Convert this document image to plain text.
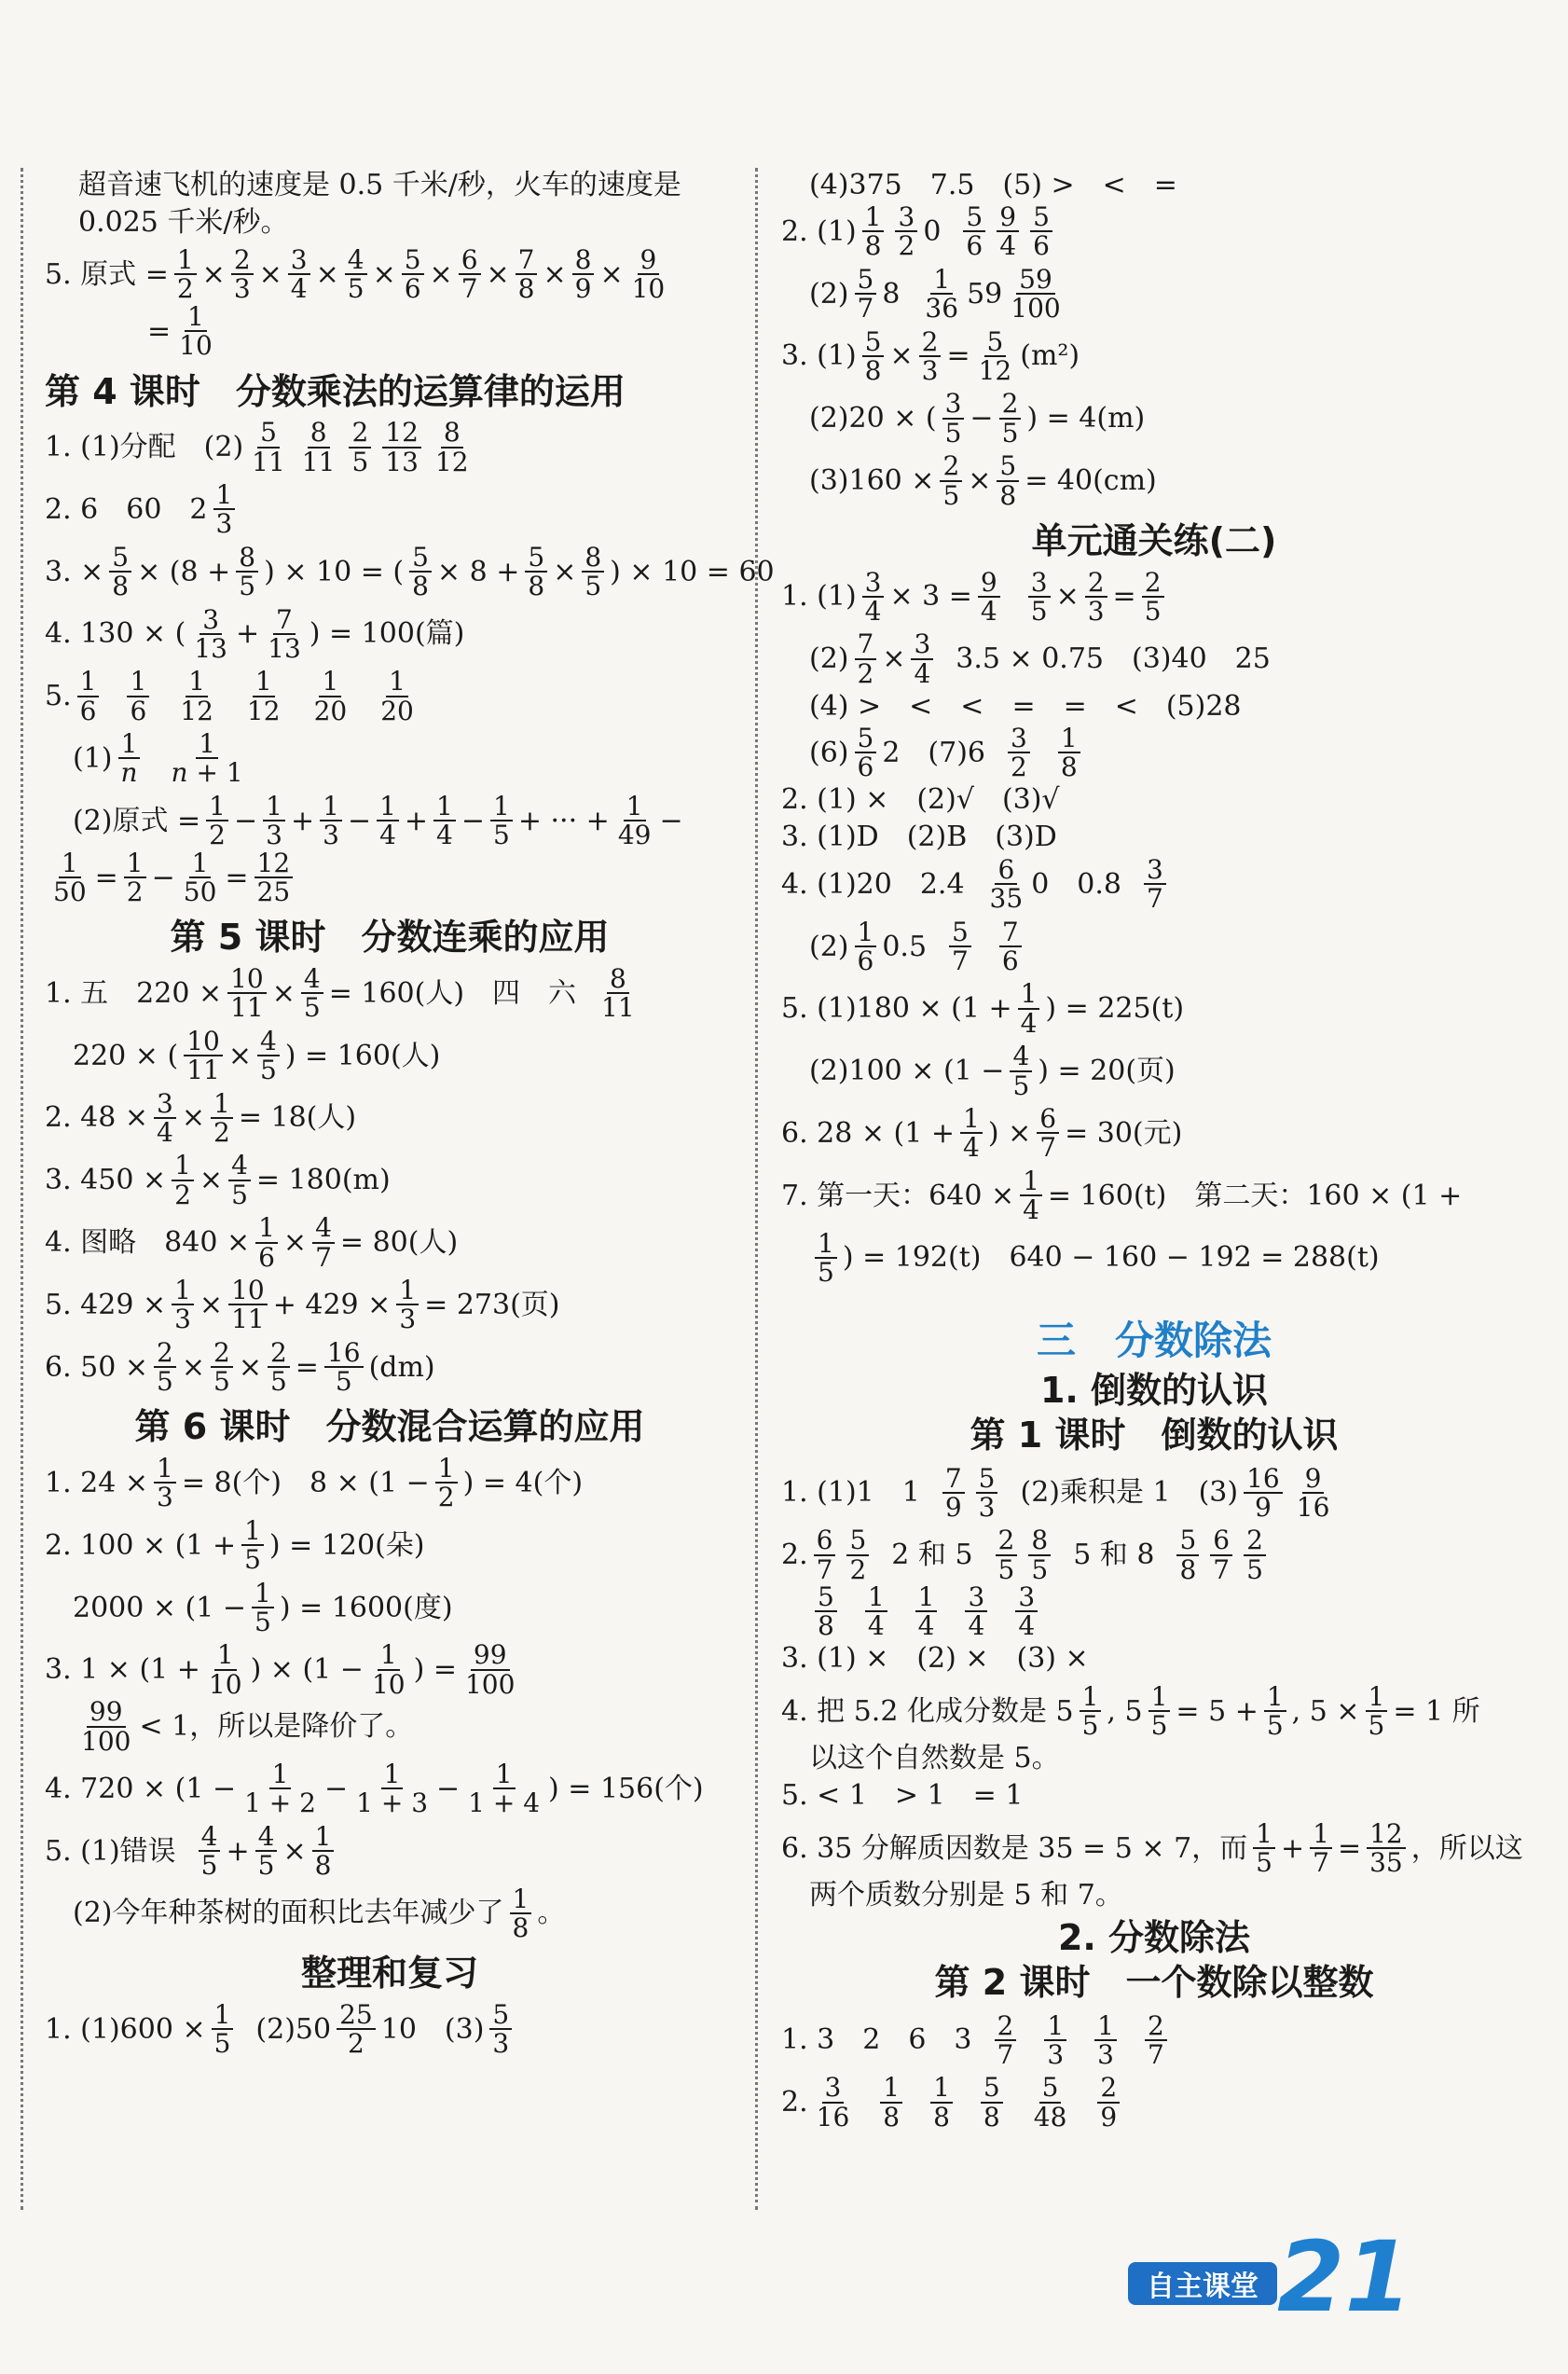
超音速飞机的速度是 0.5 千米/秒，火车的速度是
0.025 千米/秒。
5. 原式 = $\frac{1}{2} \times \frac{2}{3} \times \frac{3}{4} \times \frac{4}{5} \times \frac{5}{6} \times \frac{6}{7} \times \frac{7}{8} \times \frac{8}{9} \times \frac{9}{10}$
= $\frac{1}{10}$
第 4 课时　分数乘法的运算律的运用
1. (1)分配　$(2) \frac{5}{11} \frac{8}{11} \frac{2}{5} \frac{12}{13} \frac{8}{12}$
2. 6　60　$2 \frac{1}{3}$
3. × $\frac{5}{8} \times (8 + \frac{8}{5}$ ) × 10 = ( $\frac{5}{8} \times 8 + \frac{5}{8} \times \frac{8}{5}$ ) × 10 = 60
4. 130 × ( $\frac{3}{13} + \frac{7}{13}$ ) = 100(篇)
5. $\frac{1}{6} \frac{1}{6} \frac{1}{12} \frac{1}{12} \frac{1}{20} \frac{1}{20}$
$(1) \frac{1}{n} \frac{1}{n + 1}$
(2)原式 = $\frac{1}{2} - \frac{1}{3} + \frac{1}{3} - \frac{1}{4} + \frac{1}{4} - \frac{1}{5}$ + ··· + $\frac{1}{49}$ −
$\frac{1}{50} = \frac{1}{2} - \frac{1}{50} = \frac{12}{25}$
第 5 课时　分数连乘的应用
1. 五　$220 \times \frac{10}{11} \times \frac{4}{5} = 160$(人)　四　六 $\frac{8}{11}$
220 × ( $\frac{10}{11} \times \frac{4}{5}$ ) = 160(人)
2. $48 \times \frac{3}{4} \times \frac{1}{2} = 18$(人)
3. $450 \times \frac{1}{2} \times \frac{4}{5} = 180(m)$
4. 图略　$840 \times \frac{1}{6} \times \frac{4}{7} = 80$(人)
5. $429 \times \frac{1}{3} \times \frac{10}{11} + 429 \times \frac{1}{3} = 273$(页)
6. $50 \times \frac{2}{5} \times \frac{2}{5} \times \frac{2}{5} = \frac{16}{5} (dm)$
第 6 课时　分数混合运算的应用
1. $24 \times \frac{1}{3} = 8$(个)　$8 \times (1 - \frac{1}{2}$ ) = 4(个)
2. $100 \times (1 + \frac{1}{5}$ ) = 120(朵)
$2000 \times (1 - \frac{1}{5}$ ) = 1600(度)
3. $1 \times (1 + \frac{1}{10}$ ) × ($1 - \frac{1}{10}$ ) = $\frac{99}{100}$
$\frac{99}{100} < 1$，所以是降价了。
4. $720 \times (1 - \frac{1}{1 + 2} - \frac{1}{1 + 3} - \frac{1}{1 + 4}$ ) = 156(个)
5. (1)错误 $\frac{4}{5} + \frac{4}{5} \times \frac{1}{8}$
(2)今年种茶树的面积比去年减少了 $\frac{1}{8}$ 。
整理和复习
1. $(1)600 \times \frac{1}{5} (2)50 \frac{25}{2} 10$　$(3) \frac{5}{3}$
(4)375　7.5　(5) >　<　=
2. $(1) \frac{1}{8} \frac{3}{2} 0 \frac{5}{6} \frac{9}{4} \frac{5}{6}$
$(2) \frac{5}{7} 8 \frac{1}{36} 59 \frac{59}{100}$
3. $(1) \frac{5}{8} \times \frac{2}{3} = \frac{5}{12} (m^2)$
(2)20 × ( $\frac{3}{5} - \frac{2}{5}$ ) = 4(m)
$(3)160 \times \frac{2}{5} \times \frac{5}{8} = 40(cm)$
单元通关练(二)
1. $(1) \frac{3}{4} \times 3 = \frac{9}{4} \frac{3}{5} \times \frac{2}{3} = \frac{2}{5}$
$(2) \frac{7}{2} \times \frac{3}{4} 3.5 \times 0.75$　(3)40　25
(4) >　<　<　=　=　<　(5)28
$(6) \frac{5}{6} 2$　$(7)6 \frac{3}{2} \frac{1}{8}$
2. (1) ×　(2)√　(3)√
3. (1)D　(2)B　(3)D
4. (1)20　$2.4 \frac{6}{35} 0$　$0.8 \frac{3}{7}$
$(2) \frac{1}{6} 0.5 \frac{5}{7} \frac{7}{6}$
5. $(1)180 \times (1 + \frac{1}{4}$ ) = 225(t)
$(2)100 \times (1 - \frac{4}{5}$ ) = 20(页)
6. $28 \times (1 + \frac{1}{4}$ ) × $\frac{6}{7} = 30$(元)
7. 第一天：$640 \times \frac{1}{4} = 160(t)$　第二天：160 × (1 +
$\frac{1}{5}$ ) = 192(t)　640 − 160 − 192 = 288(t)
三　分数除法
1. 倒数的认识
第 1 课时　倒数的认识
1. (1)1　$1 \frac{7}{9} \frac{5}{3} (2)$乘积是 1　$(3) \frac{16}{9} \frac{9}{16}$
2. $\frac{6}{7} \frac{5}{2} 2$ 和 $5 \frac{2}{5} \frac{8}{5} 5$ 和 $8 \frac{5}{8} \frac{6}{7} \frac{2}{5}$
$\frac{5}{8} \frac{1}{4} \frac{1}{4} \frac{3}{4} \frac{3}{4}$
3. (1) ×　(2) ×　(3) ×
4. 把 5.2 化成分数是 $5 \frac{1}{5}$ , $5 \frac{1}{5} = 5 + \frac{1}{5}$ , $5 \times \frac{1}{5} = 1$ 所
以这个自然数是 5。
5. < 1　> 1　= 1
6. 35 分解质因数是 35 = 5 × 7，而 $\frac{1}{5} + \frac{1}{7} = \frac{12}{35}$ ，所以这
两个质数分别是 5 和 7。
2. 分数除法
第 2 课时　一个数除以整数
1. 3　2　6　$3 \frac{2}{7} \frac{1}{3} \frac{1}{3} \frac{2}{7}$
2. $\frac{3}{16} \frac{1}{8} \frac{1}{8} \frac{5}{8} \frac{5}{48} \frac{2}{9}$
自主课堂 21
